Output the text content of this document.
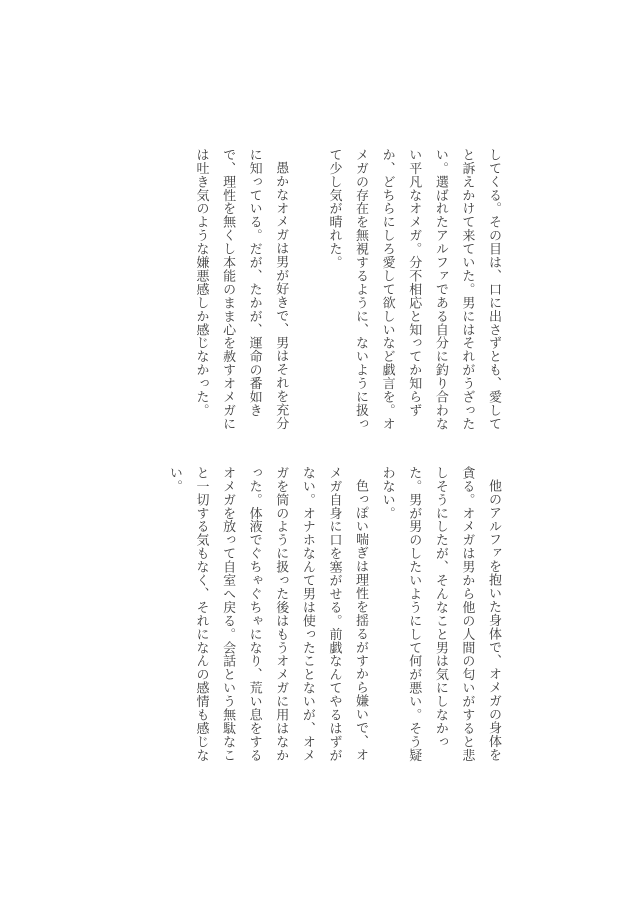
してくる。その目は、口に出さずとも、愛してと訴えかけて来ていた。男にはそれがうざったい。選ばれたアルファである自分に釣り合わない平凡なオメガ。分不相応と知ってか知らずか、どちらにしろ愛して欲しいなど戯言を。オメガの存在を無視するように、ないように扱って少し気が晴れた。

愚かなオメガは男が好きで、男はそれを充分に知っている。だが、たかが、運命の番如きで、理性を無くし本能のまま心を赦すオメガには吐き気のような嫌悪感しか感じなかった。

他のアルファを抱いた身体で、オメガの身体を貪る。オメガは男から他の人間の匂いがすると悲しそうにしたが、そんなこと男は気にしなかった。男が男のしたいようにして何が悪い。そう疑わない。

色っぽい喘ぎは理性を揺るがすから嫌いで、オメガ自身に口を塞がせる。前戯なんてやるはずがない。オナホなんて男は使ったことないが、オメガを筒のように扱った後はもうオメガに用はなかった。体液でぐちゃぐちゃになり、荒い息をするオメガを放って自室へ戻る。会話という無駄なこと一切する気もなく、それになんの感情も感じない。
